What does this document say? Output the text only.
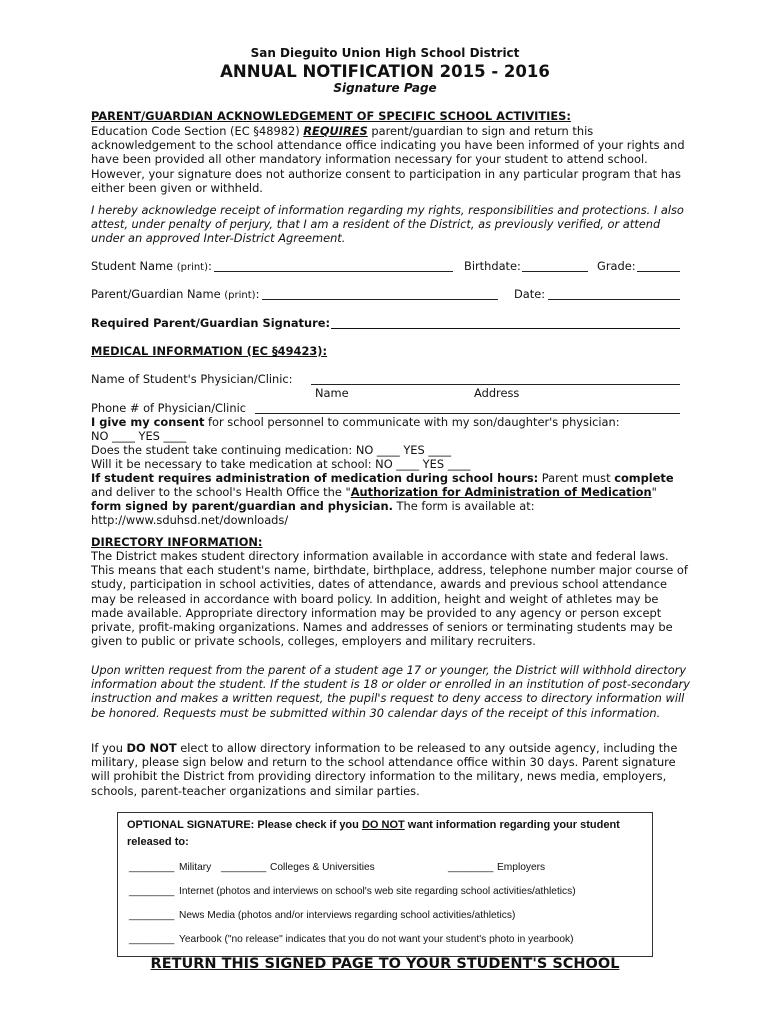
San Dieguito Union High School District
ANNUAL NOTIFICATION 2015 - 2016
Signature Page
PARENT/GUARDIAN ACKNOWLEDGEMENT OF SPECIFIC SCHOOL ACTIVITIES:
Education Code Section (EC §48982) REQUIRES parent/guardian to sign and return this acknowledgement to the school attendance office indicating you have been informed of your rights and have been provided all other mandatory information necessary for your student to attend school. However, your signature does not authorize consent to participation in any particular program that has either been given or withheld.
I hereby acknowledge receipt of information regarding my rights, responsibilities and protections. I also attest, under penalty of perjury, that I am a resident of the District, as previously verified, or attend under an approved Inter-District Agreement.
Student Name (print):	Birthdate:	Grade:
Parent/Guardian Name (print):	Date:
Required Parent/Guardian Signature:
MEDICAL INFORMATION (EC §49423):
Name of Student's Physician/Clinic:
Name	Address
Phone # of Physician/Clinic
I give my consent for school personnel to communicate with my son/daughter's physician:
NO ____ YES ____
Does the student take continuing medication: NO ____ YES ____
Will it be necessary to take medication at school: NO ____ YES ____
If student requires administration of medication during school hours: Parent must complete
and deliver to the school's Health Office the "Authorization for Administration of Medication"
form signed by parent/guardian and physician. The form is available at:
http://www.sduhsd.net/downloads/
DIRECTORY INFORMATION:
The District makes student directory information available in accordance with state and federal laws. This means that each student's name, birthdate, birthplace, address, telephone number major course of study, participation in school activities, dates of attendance, awards and previous school attendance may be released in accordance with board policy. In addition, height and weight of athletes may be made available. Appropriate directory information may be provided to any agency or person except private, profit-making organizations. Names and addresses of seniors or terminating students may be given to public or private schools, colleges, employers and military recruiters.
Upon written request from the parent of a student age 17 or younger, the District will withhold directory information about the student. If the student is 18 or older or enrolled in an institution of post-secondary instruction and makes a written request, the pupil's request to deny access to directory information will be honored. Requests must be submitted within 30 calendar days of the receipt of this information.
If you DO NOT elect to allow directory information to be released to any outside agency, including the military, please sign below and return to the school attendance office within 30 days. Parent signature will prohibit the District from providing directory information to the military, news media, employers, schools, parent-teacher organizations and similar parties.
OPTIONAL SIGNATURE: Please check if you DO NOT want information regarding your student
released to:
________ Military ________ Colleges & Universities	________ Employers
________ Internet (photos and interviews on school's web site regarding school activities/athletics)
________ News Media (photos and/or interviews regarding school activities/athletics)
________ Yearbook ("no release" indicates that you do not want your student's photo in yearbook)
RETURN THIS SIGNED PAGE TO YOUR STUDENT'S SCHOOL
